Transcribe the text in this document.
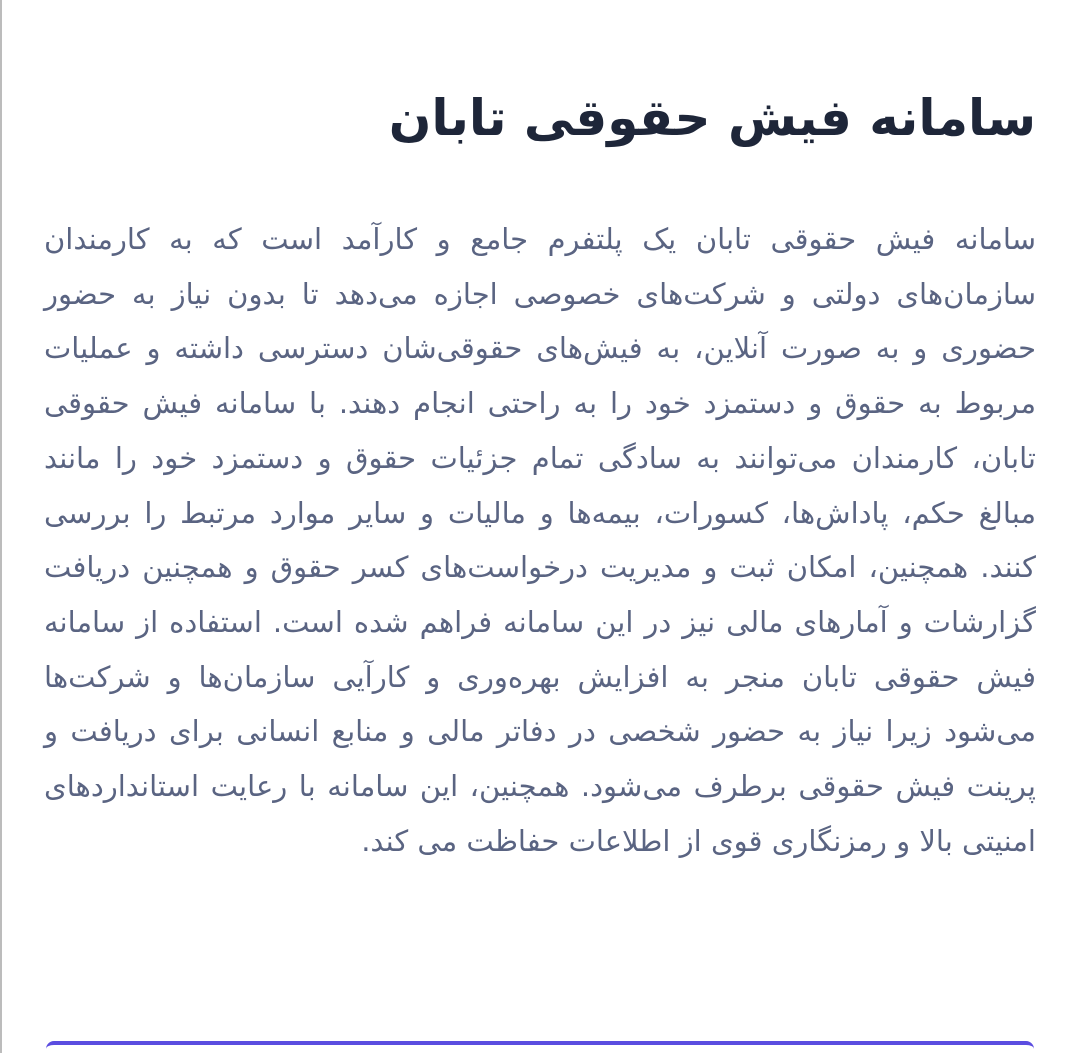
سامانه فیش حقوقی تابان

سامانه فیش حقوقی تابان یک پلتفرم جامع و کارآمد است که به کارمندان سازمان‌های دولتی و شرکت‌های خصوصی اجازه می‌دهد تا بدون نیاز به حضور حضوری و به صورت آنلاین، به فیش‌های حقوقی‌شان دسترسی داشته و عملیات مربوط به حقوق و دستمزد خود را به راحتی انجام دهند. با سامانه فیش حقوقی تابان، کارمندان می‌توانند به سادگی تمام جزئیات حقوق و دستمزد خود را مانند مبالغ حکم، پاداش‌ها، کسورات، بیمه‌ها و مالیات و سایر موارد مرتبط را بررسی کنند. همچنین، امکان ثبت و مدیریت درخواست‌های کسر حقوق و همچنین دریافت گزارشات و آمارهای مالی نیز در این سامانه فراهم شده است. استفاده از سامانه فیش حقوقی تابان منجر به افزایش بهره‌وری و کارآیی سازمان‌ها و شرکت‌ها می‌شود زیرا نیاز به حضور شخصی در دفاتر مالی و منابع انسانی برای دریافت و پرینت فیش حقوقی برطرف می‌شود. همچنین، این سامانه با رعایت استانداردهای امنیتی بالا و رمزنگاری قوی از اطلاعات حفاظت می کند.
